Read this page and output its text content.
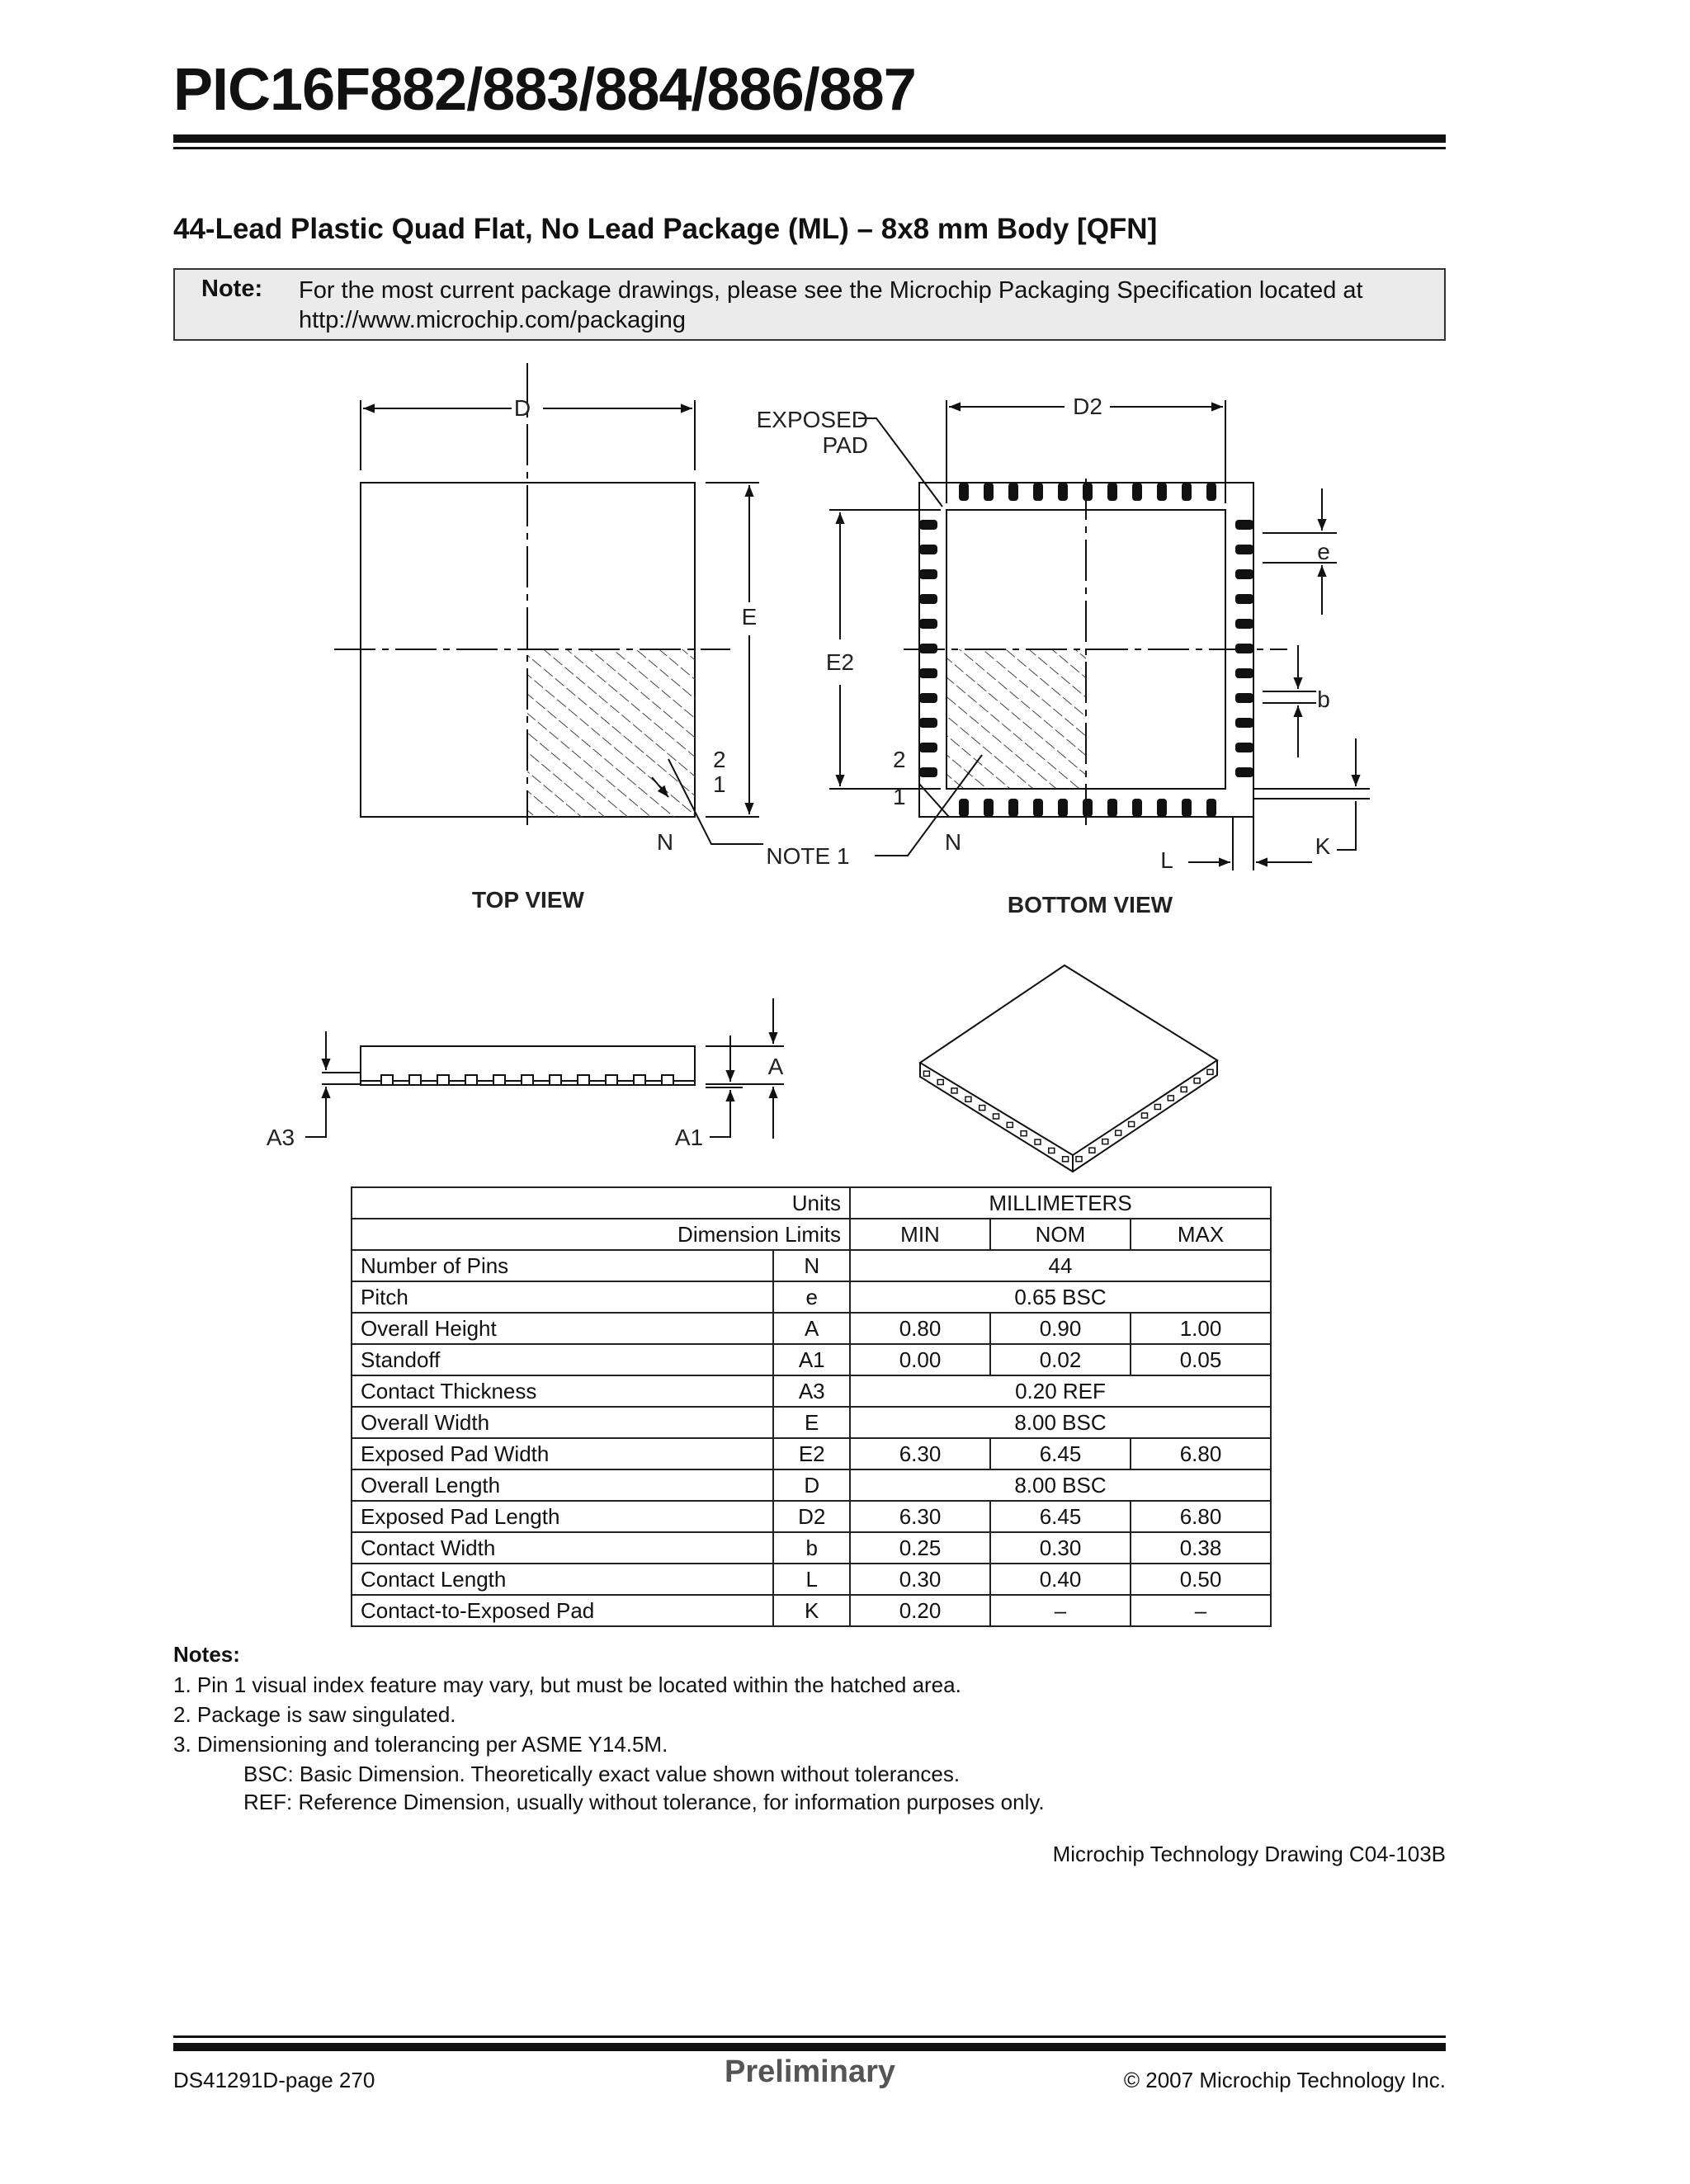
PIC16F882/883/884/886/887
44-Lead Plastic Quad Flat, No Lead Package (ML) – 8x8 mm Body [QFN]
Note: For the most current package drawings, please see the Microchip Packaging Specification located at http://www.microchip.com/packaging
D
E
2
1
N
NOTE 1
D2
EXPOSED
PAD
E2
2
1
N
e
b
K
L
A
A1
A3
TOP VIEW	BOTTOM VIEW
Units		MILLIMETERS		
Dimension Limits		MIN	NOM	MAX
Number of Pins	N	44		
Pitch	e	0.65 BSC		
Overall Height	A	0.80	0.90	1.00
Standoff	A1	0.00	0.02	0.05
Contact Thickness	A3	0.20 REF		
Overall Width	E	8.00 BSC		
Exposed Pad Width	E2	6.30	6.45	6.80
Overall Length	D	8.00 BSC		
Exposed Pad Length	D2	6.30	6.45	6.80
Contact Width	b	0.25	0.30	0.38
Contact Length	L	0.30	0.40	0.50
Contact-to-Exposed Pad	K	0.20	–	–
Notes:
1. Pin 1 visual index feature may vary, but must be located within the hatched area.
2. Package is saw singulated.
3. Dimensioning and tolerancing per ASME Y14.5M.
BSC: Basic Dimension. Theoretically exact value shown without tolerances.
REF: Reference Dimension, usually without tolerance, for information purposes only.
Microchip Technology Drawing C04-103B
DS41291D-page 270	Preliminary	© 2007 Microchip Technology Inc.
